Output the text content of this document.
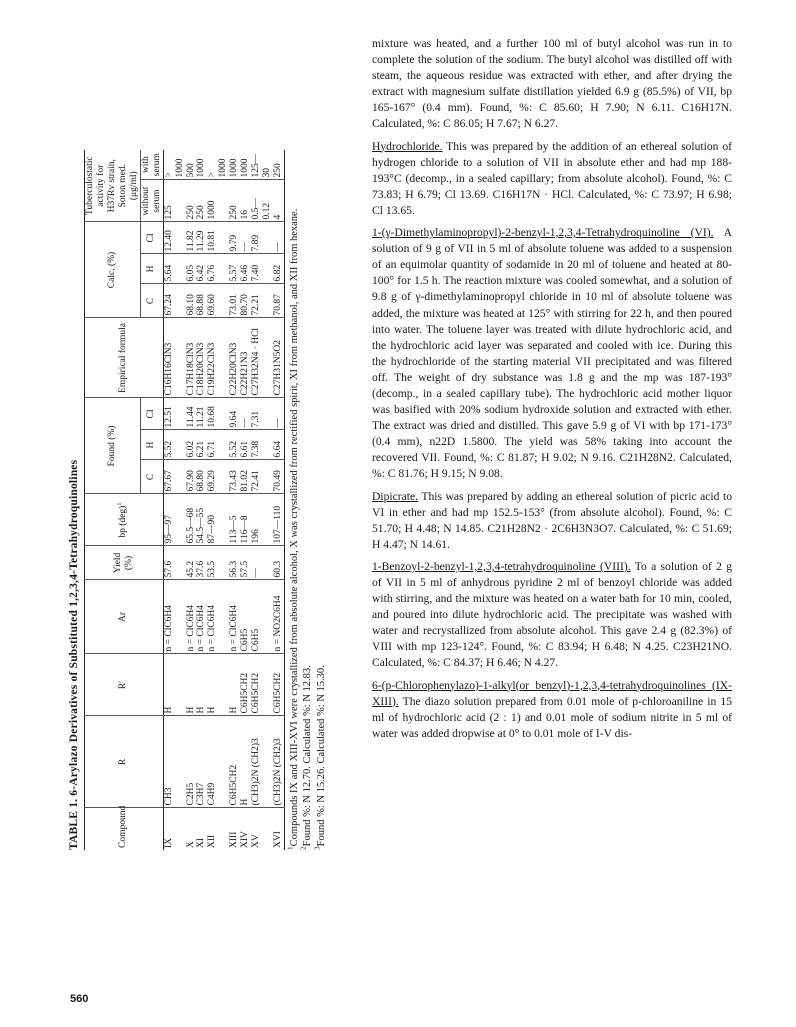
TABLE 1. 6-Arylazo Derivatives of Substituted 1,2,3,4-Tetrahydroquinolines	Compound	R	R′	Ar	Yield (%)	bp (deg)$^1$	Found (%)			Empirical formula	Calc. (%)			Tuberculostatic activity for H37Rv strain, Soton med. (μg/ml)	
						C	H	Cl		C	H	Cl	without serum	with serum
IX	CH3	H	n = ClC6H4	57.6	95—97	67.67	5.52	12.51	C16H16ClN3	67.24	5.64	12.40	125	> 1000
X	C2H5	H	n = ClC6H4	45.2	65.5—68	67.90	6.02	11.44	C17H18ClN3	68.10	6.05	11.82	250	500
XI	C3H7	H	n = ClC6H4	37.6	54.5—55	68.80	6.21	11.21	C18H20ClN3	68.88	6.42	11.29	250	1000
XII	C4H9	H	n = ClC6H4	53.5	87—90	69.29	6.71	10.68	C19H22ClN3	69.60	6.76	10.81	1000	> 1000
XIII	C6H5CH2	H	n = ClC6H4	56.3	113—5	73.43	5.52	9.64	C22H20ClN3	73.01	5.57	9.79	250	1000
XIV	H	C6H5CH2	C6H5	57.5	116—8	81.02	6.61	—	C22H21N3	80.70	6.46	—	16	1000
XV	(CH3)2N (CH2)3	C6H5CH2	C6H5	—	196	72.41	7.38	7.31	C27H32N4 · HCl	72.21	7.40	7.89	0.5—0.12	125—30
XVI	(CH3)2N (CH2)3	C6H5CH2	n = NO2C6H4	60.3	107—110	70.49	6.64	—	C27H31N5O2	70.87	6.82	—	4	250

$^1$Compounds IX and XIII-XVI were crystallized from absolute alcohol, X was crystallized from rectified spirit, XI from methanol, and XII from hexane.

$^2$Found %: N 12.70. Calculated %: N 12.83.

$^3$Found %: N 15.26. Calculated %: N 15.30.

mixture was heated, and a further 100 ml of butyl alcohol was run in to complete the solution of the sodium. The butyl alcohol was distilled off with steam, the aqueous residue was extracted with ether, and after drying the extract with magnesium sulfate distillation yielded 6.9 g (85.5%) of VII, bp 165-167° (0.4 mm). Found, %: C 85.60; H 7.90; N 6.11. C16H17N. Calculated, %: C 86.05; H 7.67; N 6.27.

Hydrochloride. This was prepared by the addition of an ethereal solution of hydrogen chloride to a solution of VII in absolute ether and had mp 188-193°C (decomp., in a sealed capillary; from absolute alcohol). Found, %: C 73.83; H 6.79; Cl 13.69. C16H17N · HCl. Calculated, %: C 73.97; H 6.98; Cl 13.65.

1-(γ-Dimethylaminopropyl)-2-benzyl-1,2,3,4-Tetrahydroquinoline (VI). A solution of 9 g of VII in 5 ml of absolute toluene was added to a suspension of an equimolar quantity of sodamide in 20 ml of toluene and heated at 80-100° for 1.5 h. The reaction mixture was cooled somewhat, and a solution of 9.8 g of γ-dimethylaminopropyl chloride in 10 ml of absolute toluene was added, the mixture was heated at 125° with stirring for 22 h, and then poured into water. The toluene layer was treated with dilute hydrochloric acid, and the hydrochloric acid layer was separated and cooled with ice. During this the hydrochloride of the starting material VII precipitated and was filtered off. The weight of dry substance was 1.8 g and the mp was 187-193° (decomp., in a sealed capillary tube). The hydrochloric acid mother liquor was basified with 20% sodium hydroxide solution and extracted with ether. The extract was dried and distilled. This gave 5.9 g of VI with bp 171-173° (0.4 mm), n22D 1.5800. The yield was 58% taking into account the recovered VII. Found, %: C 81.87; H 9.02; N 9.16. C21H28N2. Calculated, %: C 81.76; H 9.15; N 9.08.

Dipicrate. This was prepared by adding an ethereal solution of picric acid to VI in ether and had mp 152.5-153° (from absolute alcohol). Found, %: C 51.70; H 4.48; N 14.85. C21H28N2 · 2C6H3N3O7. Calculated, %: C 51.69; H 4.47; N 14.61.

1-Benzoyl-2-benzyl-1,2,3,4-tetrahydroquinoline (VIII). To a solution of 2 g of VII in 5 ml of anhydrous pyridine 2 ml of benzoyl chloride was added with stirring, and the mixture was heated on a water bath for 10 min, cooled, and poured into dilute hydrochloric acid. The precipitate was washed with water and recrystallized from absolute alcohol. This gave 2.4 g (82.3%) of VIII with mp 123-124°. Found, %: C 83.94; H 6.48; N 4.25. C23H21NO. Calculated, %: C 84.37; H 6.46; N 4.27.

6-(p-Chlorophenylazo)-1-alkyl(or benzyl)-1,2,3,4-tetrahydroquinolines (IX-XIII). The diazo solution prepared from 0.01 mole of p-chloroaniline in 15 ml of hydrochloric acid (2 : 1) and 0.01 mole of sodium nitrite in 5 ml of water was added dropwise at 0° to 0.01 mole of I-V dis-

560
